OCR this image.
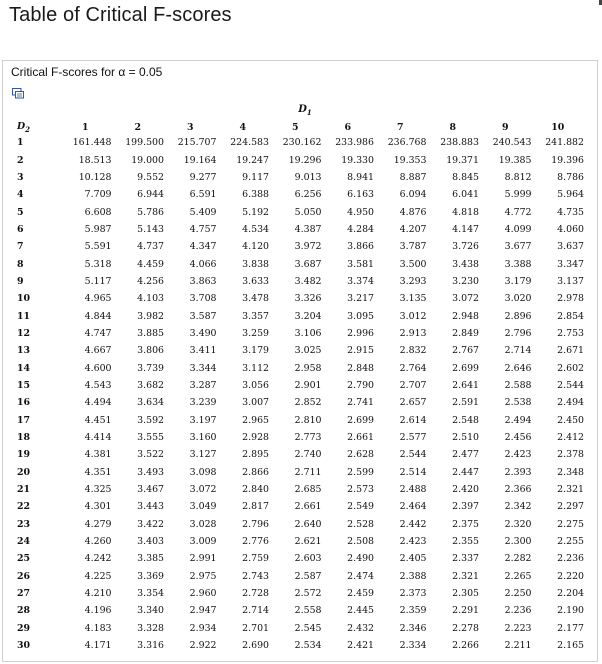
Table of Critical F-scores
Critical F-scores for α = 0.05
$D_1$
$D_2$	1	2	3	4	5	6	7	8	9	10
1	161.448	199.500	215.707	224.583	230.162	233.986	236.768	238.883	240.543	241.882
2	18.513	19.000	19.164	19.247	19.296	19.330	19.353	19.371	19.385	19.396
3	10.128	9.552	9.277	9.117	9.013	8.941	8.887	8.845	8.812	8.786
4	7.709	6.944	6.591	6.388	6.256	6.163	6.094	6.041	5.999	5.964
5	6.608	5.786	5.409	5.192	5.050	4.950	4.876	4.818	4.772	4.735
6	5.987	5.143	4.757	4.534	4.387	4.284	4.207	4.147	4.099	4.060
7	5.591	4.737	4.347	4.120	3.972	3.866	3.787	3.726	3.677	3.637
8	5.318	4.459	4.066	3.838	3.687	3.581	3.500	3.438	3.388	3.347
9	5.117	4.256	3.863	3.633	3.482	3.374	3.293	3.230	3.179	3.137
10	4.965	4.103	3.708	3.478	3.326	3.217	3.135	3.072	3.020	2.978
11	4.844	3.982	3.587	3.357	3.204	3.095	3.012	2.948	2.896	2.854
12	4.747	3.885	3.490	3.259	3.106	2.996	2.913	2.849	2.796	2.753
13	4.667	3.806	3.411	3.179	3.025	2.915	2.832	2.767	2.714	2.671
14	4.600	3.739	3.344	3.112	2.958	2.848	2.764	2.699	2.646	2.602
15	4.543	3.682	3.287	3.056	2.901	2.790	2.707	2.641	2.588	2.544
16	4.494	3.634	3.239	3.007	2.852	2.741	2.657	2.591	2.538	2.494
17	4.451	3.592	3.197	2.965	2.810	2.699	2.614	2.548	2.494	2.450
18	4.414	3.555	3.160	2.928	2.773	2.661	2.577	2.510	2.456	2.412
19	4.381	3.522	3.127	2.895	2.740	2.628	2.544	2.477	2.423	2.378
20	4.351	3.493	3.098	2.866	2.711	2.599	2.514	2.447	2.393	2.348
21	4.325	3.467	3.072	2.840	2.685	2.573	2.488	2.420	2.366	2.321
22	4.301	3.443	3.049	2.817	2.661	2.549	2.464	2.397	2.342	2.297
23	4.279	3.422	3.028	2.796	2.640	2.528	2.442	2.375	2.320	2.275
24	4.260	3.403	3.009	2.776	2.621	2.508	2.423	2.355	2.300	2.255
25	4.242	3.385	2.991	2.759	2.603	2.490	2.405	2.337	2.282	2.236
26	4.225	3.369	2.975	2.743	2.587	2.474	2.388	2.321	2.265	2.220
27	4.210	3.354	2.960	2.728	2.572	2.459	2.373	2.305	2.250	2.204
28	4.196	3.340	2.947	2.714	2.558	2.445	2.359	2.291	2.236	2.190
29	4.183	3.328	2.934	2.701	2.545	2.432	2.346	2.278	2.223	2.177
30	4.171	3.316	2.922	2.690	2.534	2.421	2.334	2.266	2.211	2.165
